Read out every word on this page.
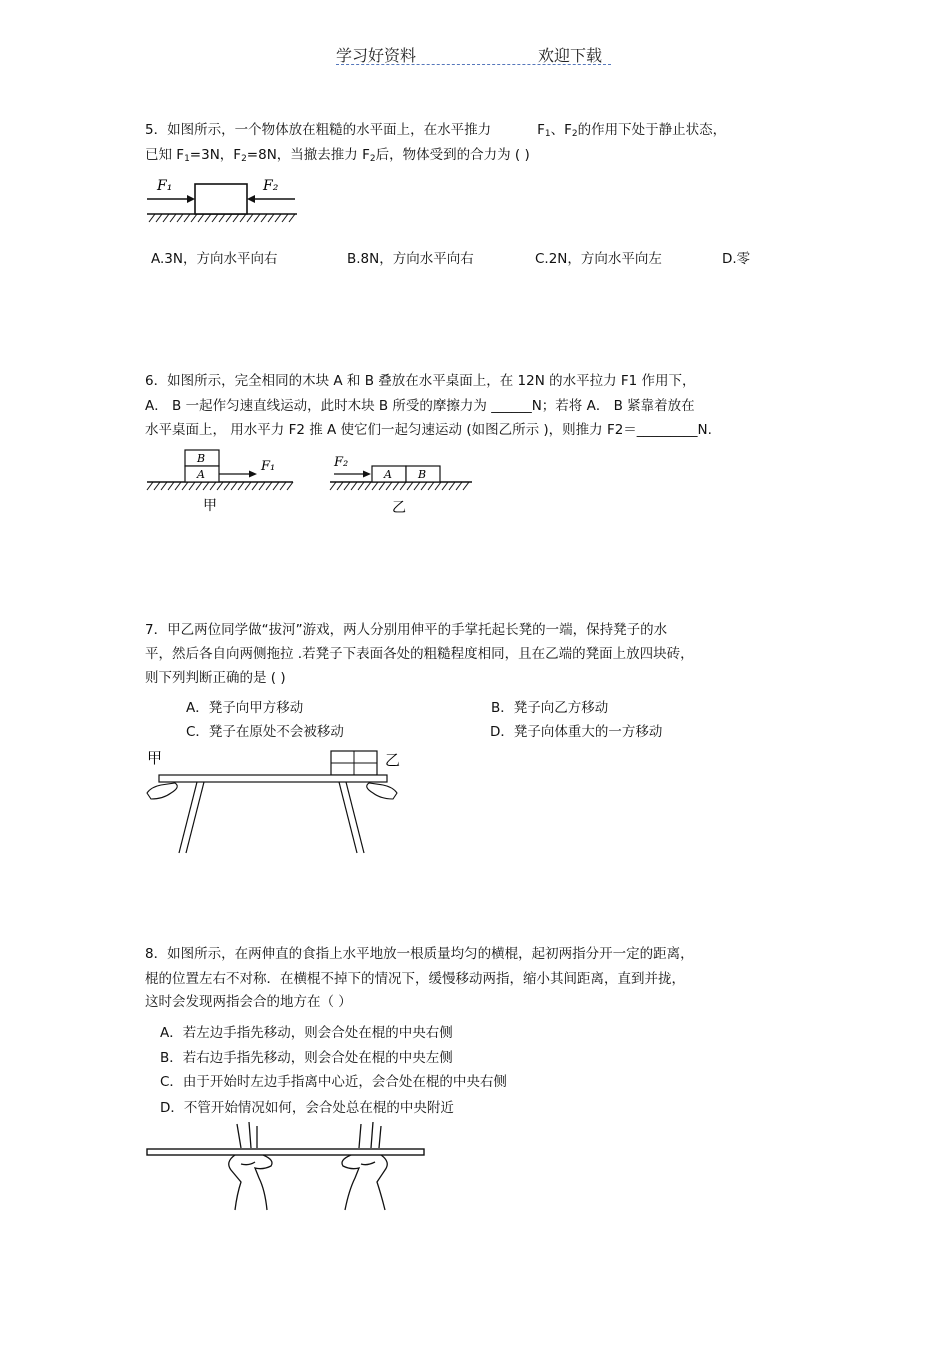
学习好资料	欢迎下载
5．如图所示，一个物体放在粗糙的水平面上，在水平推力	$F_1$、$F_2$的作用下处于静止状态，
已知 $F_1=3N$，$F_2=8N$，当撤去推力 $F_2$后，物体受到的合力为 ( )
F₁	F₂
A.3N，方向水平向右	B.8N，方向水平向右	C.2N，方向水平向左	D.零
6．如图所示，完全相同的木块 A 和 B 叠放在水平桌面上，在 12N 的水平拉力 F1 作用下，
A． B 一起作匀速直线运动，此时木块 B 所受的摩擦力为 ______N；若将 A． B 紧靠着放在
水平桌面上， 用水平力 F2 推 A 使它们一起匀速运动 (如图乙所示 )，则推力 F2＝_________N.
B
A
F₁
甲
A B
F₂
乙
7．甲乙两位同学做“拔河”游戏，两人分别用伸平的手掌托起长凳的一端，保持凳子的水
平，然后各自向两侧拖拉 .若凳子下表面各处的粗糙程度相同，且在乙端的凳面上放四块砖，
则下列判断正确的是 ( )
A．凳子向甲方移动	B．凳子向乙方移动
C．凳子在原处不会被移动	D．凳子向体重大的一方移动
甲	乙
8．如图所示，在两伸直的食指上水平地放一根质量均匀的横棍，起初两指分开一定的距离，
棍的位置左右不对称．在横棍不掉下的情况下，缓慢移动两指，缩小其间距离，直到并拢，
这时会发现两指会合的地方在（ ）
A．若左边手指先移动，则会合处在棍的中央右侧
B．若右边手指先移动，则会合处在棍的中央左侧
C．由于开始时左边手指离中心近，会合处在棍的中央右侧
D．不管开始情况如何，会合处总在棍的中央附近
